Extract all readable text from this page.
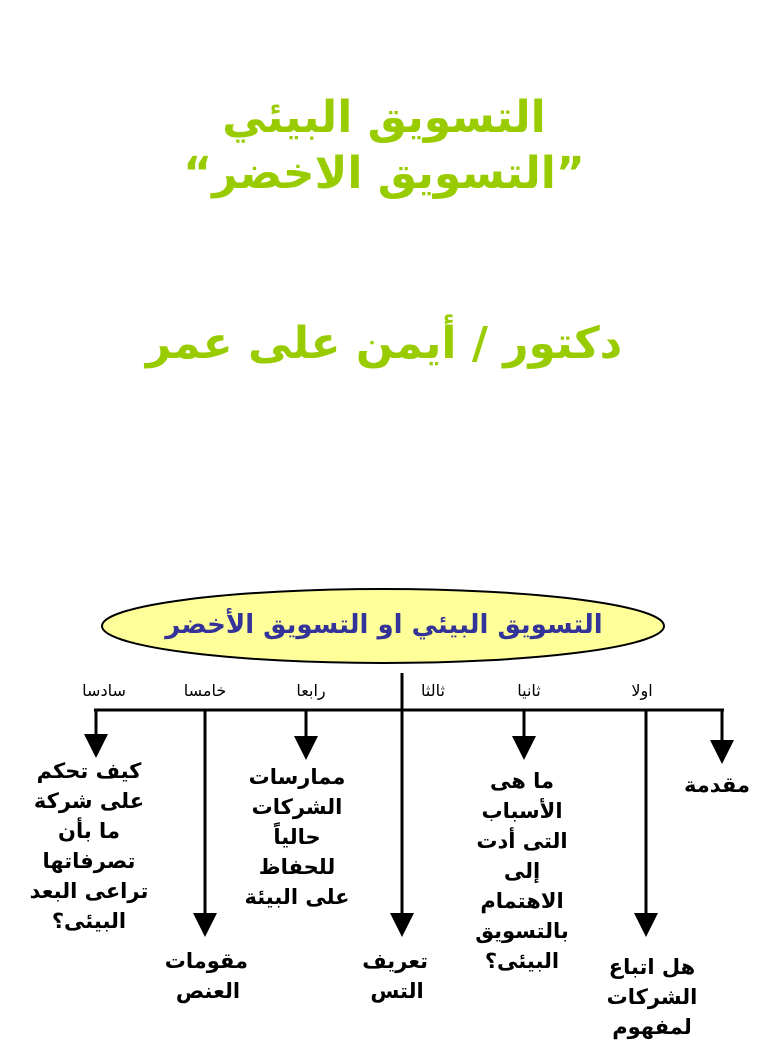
التسويق البيئي
”التسويق الاخضر“
دكتور / أيمن على عمر
التسويق البيئي او التسويق الأخضر
اولا
ثانيا
ثالثا
رابعا
خامسا
سادسا
مقدمة
هل اتباع الشركات لمفهوم
ما هى الأسباب التى أدت إلى الاهتمام بالتسويق البيئى؟
تعريف التس
ممارسات الشركات حالياً للحفاظ على البيئة
مقومات العنص
كيف تحكم على شركة ما بأن تصرفاتها تراعى البعد البيئى؟
